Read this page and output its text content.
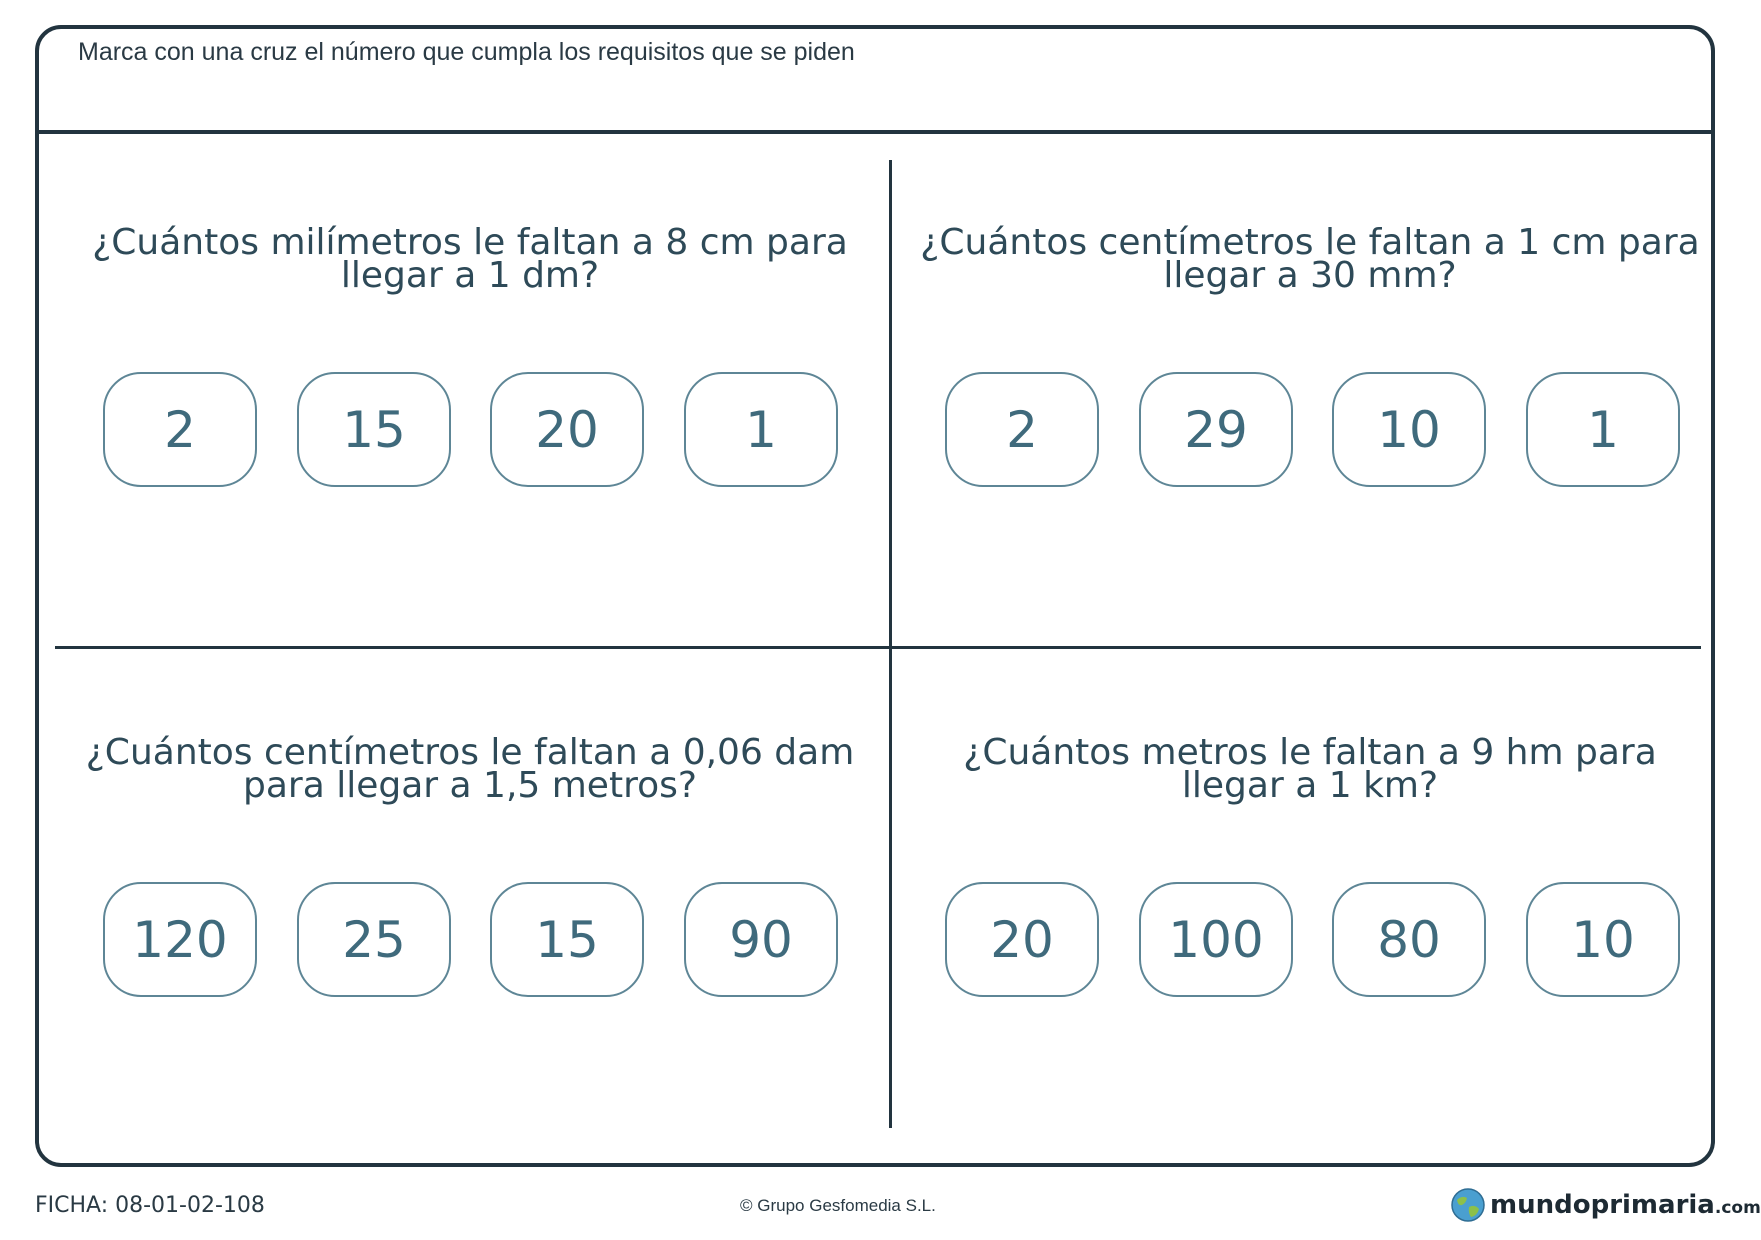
Marca con una cruz el número que cumpla los requisitos que se piden
¿Cuántos milímetros le faltan a 8 cm para
llegar a 1 dm?
2	15	20	1
¿Cuántos centímetros le faltan a 1 cm para
llegar a 30 mm?
2	29	10	1
¿Cuántos centímetros le faltan a 0,06 dam
para llegar a 1,5 metros?
120	25	15	90
¿Cuántos metros le faltan a 9 hm para
llegar a 1 km?
20	100	80	10
FICHA: 08-01-02-108	© Grupo Gesfomedia S.L.	mundoprimaria .com
